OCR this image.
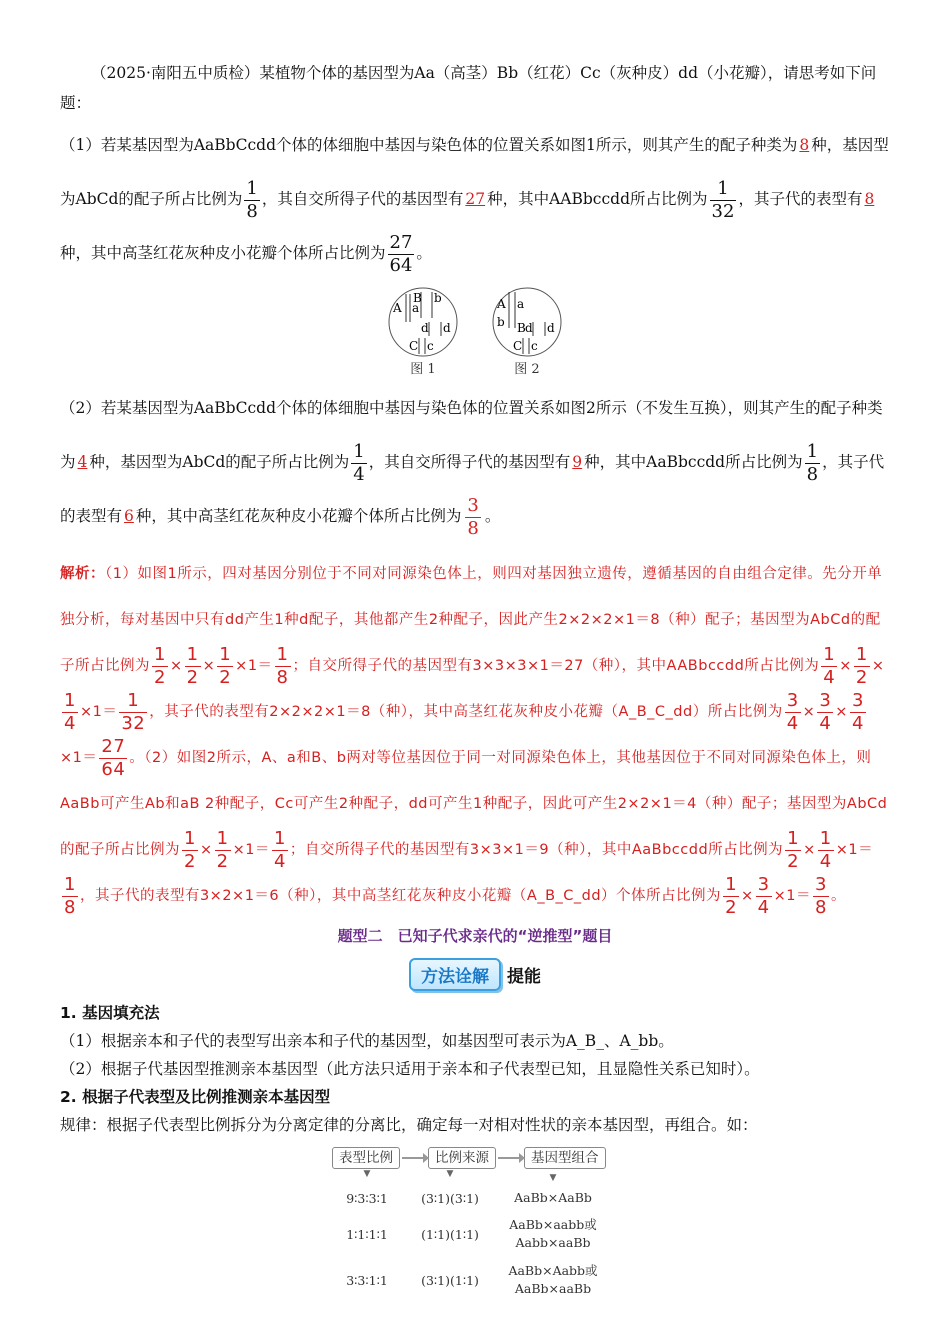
（2025·南阳五中质检）某植物个体的基因型为Aa（高茎）Bb（红花）Cc（灰种皮）dd（小花瓣），请思考如下问题：

（1）若某基因型为AaBbCcdd个体的体细胞中基因与染色体的位置关系如图1所示，则其产生的配子种类为 8 种，基因型为AbCd的配子所占比例为 $\frac{1}{8}$ ，其自交所得子代的基因型有 27 种，其中AABbccdd所占比例为 $\frac{1}{32}$ ，其子代的表型有 8种，其中高茎红花灰种皮小花瓣个体所占比例为 $\frac{27}{64}$ 。

A a
B b
d d
C c
图 1
A a
b B d d
C c
图 2

（2）若某基因型为AaBbCcdd个体的体细胞中基因与染色体的位置关系如图2所示（不发生互换），则其产生的配子种类为 4 种，基因型为AbCd的配子所占比例为 $\frac{1}{4}$ ，其自交所得子代的基因型有 9 种，其中AaBbccdd所占比例为 $\frac{1}{8}$ ，其子代的表型有 6 种，其中高茎红花灰种皮小花瓣个体所占比例为 $\frac{3}{8}$ 。

解析：（1）如图1所示，四对基因分别位于不同对同源染色体上，则四对基因独立遗传，遵循基因的自由组合定律。先分开单独分析，每对基因中只有dd产生1种d配子，其他都产生2种配子，因此产生2×2×2×1＝8（种）配子；基因型为AbCd的配子所占比例为 $\frac{1}{2} \times \frac{1}{2} \times \frac{1}{2} \times 1= \frac{1}{8}$ ；自交所得子代的基因型有3×3×3×1＝27（种），其中AABbccdd所占比例为 $\frac{1}{4} \times \frac{1}{2}$ ×
$\frac{1}{4} \times 1= \frac{1}{32}$ ，其子代的表型有2×2×2×1＝8（种），其中高茎红花灰种皮小花瓣（A_B_C_dd）所占比例为 $\frac{3}{4} \times \frac{3}{4} \times \frac{3}{4}$
$\times 1= \frac{27}{64}$ 。（2）如图2所示，A、a和B、b两对等位基因位于同一对同源染色体上，其他基因位于不同对同源染色体上，则AaBb可产生Ab和aB 2种配子，Cc可产生2种配子，dd可产生1种配子，因此可产生2×2×1＝4（种）配子；基因型为AbCd的配子所占比例为 $\frac{1}{2} \times \frac{1}{2} \times 1= \frac{1}{4}$ ；自交所得子代的基因型有3×3×1＝9（种），其中AaBbccdd所占比例为 $\frac{1}{2} \times \frac{1}{4} \times 1=$
$\frac{1}{8}$ ，其子代的表型有3×2×1＝6（种），其中高茎红花灰种皮小花瓣（A_B_C_dd）个体所占比例为 $\frac{1}{2} \times \frac{3}{4} \times 1= \frac{3}{8}$ 。
题型二　已知子代求亲代的“逆推型”题目
方法诠解	提能

1. 基因填充法

（1）根据亲本和子代的表型写出亲本和子代的基因型，如基因型可表示为A_B_、A_bb。

（2）根据子代基因型推测亲本基因型（此方法只适用于亲本和子代表型已知，且显隐性关系已知时）。

2. 根据子代表型及比例推测亲本基因型

规律：根据子代表型比例拆分为分离定律的分离比，确定每一对相对性状的亲本基因型，再组合。如：

表型比例	比例来源	基因型组合
▼	▼	▼
9∶3∶3∶1	(3∶1)(3∶1)	AaBb×AaBb
1∶1∶1∶1	(1∶1)(1∶1)
AaBb×aabb或
Aabb×aaBb
3∶3∶1∶1	(3∶1)(1∶1)
AaBb×Aabb或
AaBb×aaBb
